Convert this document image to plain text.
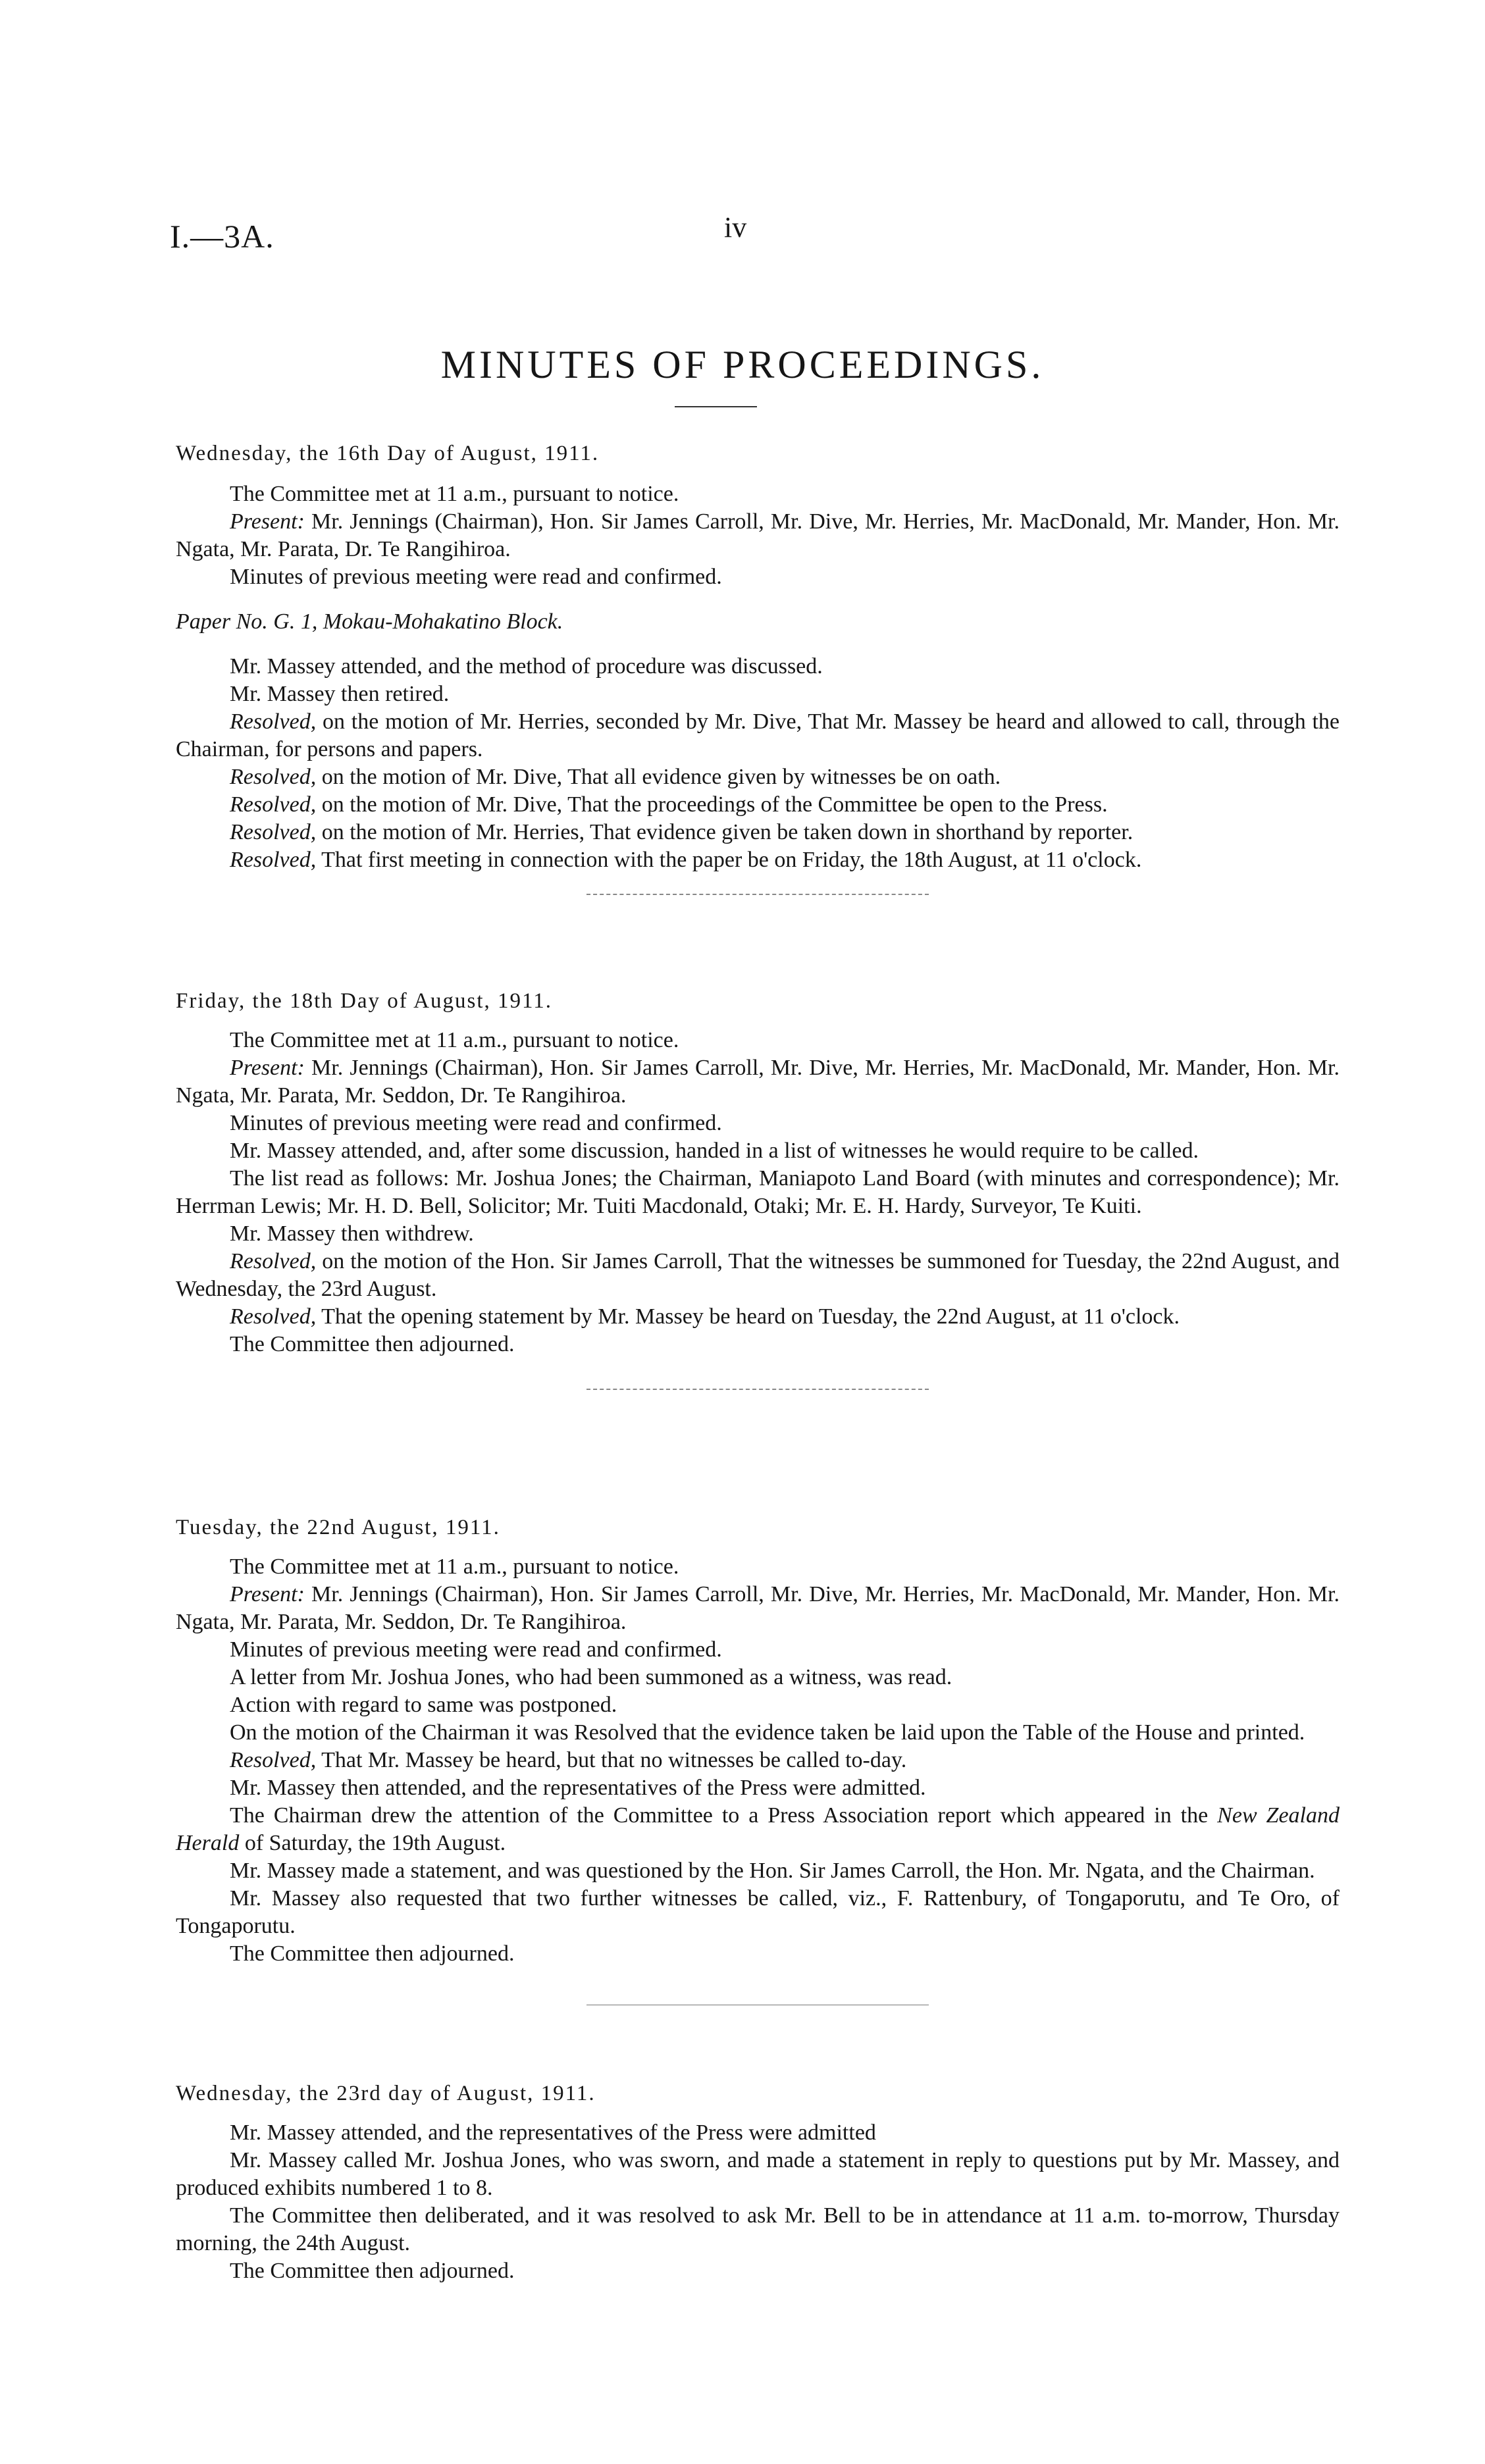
I.—3A.	iv
MINUTES OF PROCEEDINGS.

Wednesday, the 16th Day of August, 1911.

The Committee met at 11 a.m., pursuant to notice.

Present: Mr. Jennings (Chairman), Hon. Sir James Carroll, Mr. Dive, Mr. Herries, Mr. MacDonald, Mr. Mander, Hon. Mr. Ngata, Mr. Parata, Dr. Te Rangihiroa.

Minutes of previous meeting were read and confirmed.

Paper No. G. 1, Mokau-Mohakatino Block.

Mr. Massey attended, and the method of procedure was discussed.

Mr. Massey then retired.

Resolved, on the motion of Mr. Herries, seconded by Mr. Dive, That Mr. Massey be heard and allowed to call, through the Chairman, for persons and papers.

Resolved, on the motion of Mr. Dive, That all evidence given by witnesses be on oath.

Resolved, on the motion of Mr. Dive, That the proceedings of the Committee be open to the Press.

Resolved, on the motion of Mr. Herries, That evidence given be taken down in shorthand by reporter.

Resolved, That first meeting in connection with the paper be on Friday, the 18th August, at 11 o'clock.

Friday, the 18th Day of August, 1911.

The Committee met at 11 a.m., pursuant to notice.

Present: Mr. Jennings (Chairman), Hon. Sir James Carroll, Mr. Dive, Mr. Herries, Mr. MacDonald, Mr. Mander, Hon. Mr. Ngata, Mr. Parata, Mr. Seddon, Dr. Te Rangihiroa.

Minutes of previous meeting were read and confirmed.

Mr. Massey attended, and, after some discussion, handed in a list of witnesses he would require to be called.

The list read as follows: Mr. Joshua Jones; the Chairman, Maniapoto Land Board (with minutes and correspondence); Mr. Herrman Lewis; Mr. H. D. Bell, Solicitor; Mr. Tuiti Macdonald, Otaki; Mr. E. H. Hardy, Surveyor, Te Kuiti.

Mr. Massey then withdrew.

Resolved, on the motion of the Hon. Sir James Carroll, That the witnesses be summoned for Tuesday, the 22nd August, and Wednesday, the 23rd August.

Resolved, That the opening statement by Mr. Massey be heard on Tuesday, the 22nd August, at 11 o'clock.

The Committee then adjourned.

Tuesday, the 22nd August, 1911.

The Committee met at 11 a.m., pursuant to notice.

Present: Mr. Jennings (Chairman), Hon. Sir James Carroll, Mr. Dive, Mr. Herries, Mr. MacDonald, Mr. Mander, Hon. Mr. Ngata, Mr. Parata, Mr. Seddon, Dr. Te Rangihiroa.

Minutes of previous meeting were read and confirmed.

A letter from Mr. Joshua Jones, who had been summoned as a witness, was read.

Action with regard to same was postponed.

On the motion of the Chairman it was Resolved that the evidence taken be laid upon the Table of the House and printed.

Resolved, That Mr. Massey be heard, but that no witnesses be called to-day.

Mr. Massey then attended, and the representatives of the Press were admitted.

The Chairman drew the attention of the Committee to a Press Association report which appeared in the New Zealand Herald of Saturday, the 19th August.

Mr. Massey made a statement, and was questioned by the Hon. Sir James Carroll, the Hon. Mr. Ngata, and the Chairman.

Mr. Massey also requested that two further witnesses be called, viz., F. Rattenbury, of Tongaporutu, and Te Oro, of Tongaporutu.

The Committee then adjourned.

Wednesday, the 23rd day of August, 1911.

Mr. Massey attended, and the representatives of the Press were admitted

Mr. Massey called Mr. Joshua Jones, who was sworn, and made a statement in reply to questions put by Mr. Massey, and produced exhibits numbered 1 to 8.

The Committee then deliberated, and it was resolved to ask Mr. Bell to be in attendance at 11 a.m. to-morrow, Thursday morning, the 24th August.

The Committee then adjourned.
